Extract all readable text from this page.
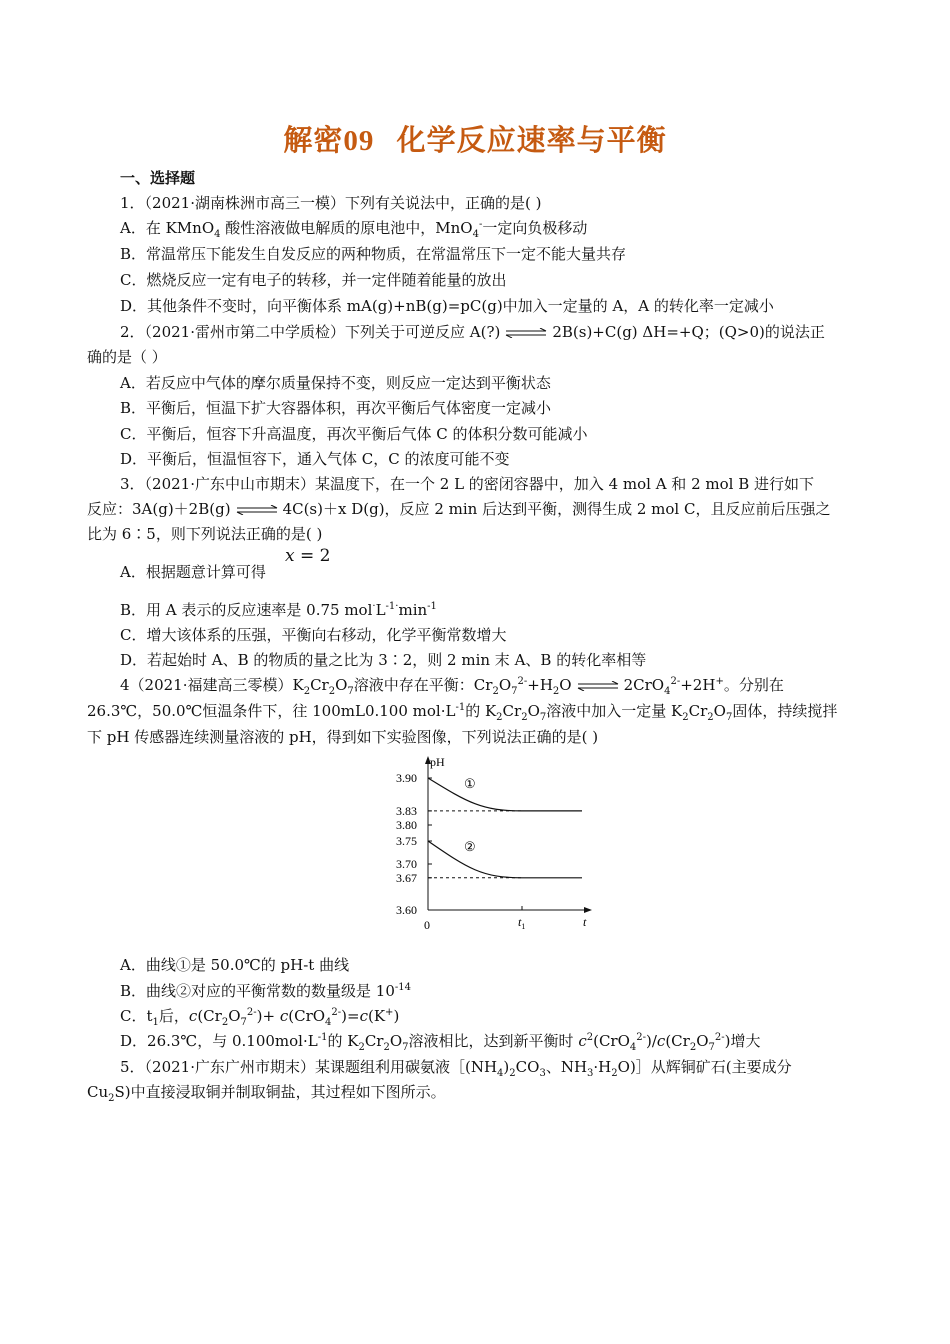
解密09 化学反应速率与平衡
一、选择题
1．（2021·湖南株洲市高三一模）下列有关说法中，正确的是( )
A．在 KMnO$_4$ 酸性溶液做电解质的原电池中，MnO$_4$-一定向负极移动
B．常温常压下能发生自发反应的两种物质，在常温常压下一定不能大量共存
C．燃烧反应一定有电子的转移，并一定伴随着能量的放出
D．其他条件不变时，向平衡体系 mA(g)+nB(g)=pC(g)中加入一定量的 A，A 的转化率一定减小
2．（2021·雷州市第二中学质检）下列关于可逆反应 A(?) ⇌ 2B(s)+C(g) ΔH=+Q；(Q>0)的说法正
确的是（ ）
A．若反应中气体的摩尔质量保持不变，则反应一定达到平衡状态
B．平衡后，恒温下扩大容器体积，再次平衡后气体密度一定减小
C．平衡后，恒容下升高温度，再次平衡后气体 C 的体积分数可能减小
D．平衡后，恒温恒容下，通入气体 C，C 的浓度可能不变
3．（2021·广东中山市期末）某温度下，在一个 2 L 的密闭容器中，加入 4 mol A 和 2 mol B 进行如下
反应：3A(g)＋2B(g) ⇌ 4C(s)＋x D(g)，反应 2 min 后达到平衡，测得生成 2 mol C，且反应前后压强之
比为 6∶5，则下列说法正确的是( )
x = 2
A．根据题意计算可得
B．用 A 表示的反应速率是 0.75 $mol^\cdot L^{-1\cdot}\min^{-1}$
C．增大该体系的压强，平衡向右移动，化学平衡常数增大
D．若起始时 A、B 的物质的量之比为 3∶2，则 2 min 末 A、B 的转化率相等
4（2021·福建高三零模）$K_2Cr_2O_7$溶液中存在平衡：$Cr_2O_7^{2-}+H_2O$ ⇌ 2CrO$_4^{2-}$+2H+。分别在
26.3℃，50.0℃恒温条件下，往 100mL0.100 $mol\cdot L^{-1}$的 $K_2Cr_2O_7$溶液中加入一定量 $K_2Cr_2O_7$固体，持续搅拌
下 pH 传感器连续测量溶液的 pH，得到如下实验图像，下列说法正确的是( )
pH
t
0	$t_1$
3.90
3.83
3.80
3.75
3.70
3.67
3.60
①
②
A．曲线①是 50.0℃的 pH-t 曲线
B．曲线②对应的平衡常数的数量级是 $10^{-14}$
C．$t_1$后，$c(Cr_2O_7^{2-})+ c(CrO_4^{2-})=c(K^+)$
D．26.3℃，与 $0.100mol\cdot L^{-1}$的 $K_2Cr_2O_7$溶液相比，达到新平衡时 $c^2(CrO_4^{2-})/c(Cr_2O_7^{2-})$增大
5．（2021·广东广州市期末）某课题组利用碳氨液$[(NH_4)_2CO_3$、$NH_3\cdot H_2O)]$从辉铜矿石(主要成分
$Cu_2S$)中直接浸取铜并制取铜盐，其过程如下图所示。
